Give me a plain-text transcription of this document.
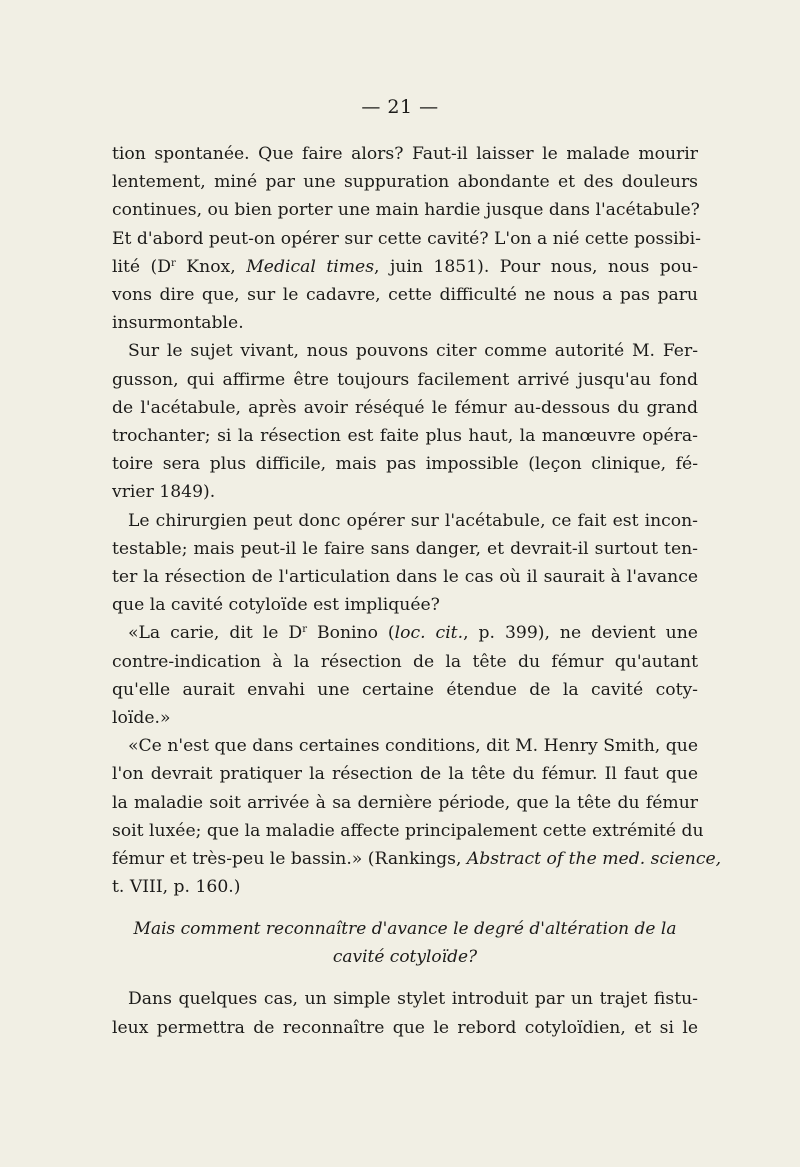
— 21 —

tion spontanée. Que faire alors? Faut-il laisser le malade mourir
lentement, miné par une suppuration abondante et des douleurs
continues, ou bien porter une main hardie jusque dans l'acétabule?
Et d'abord peut-on opérer sur cette cavité? L'on a nié cette possibi-
lité ($D^r$ Knox, Medical times, juin 1851). Pour nous, nous pou-
vons dire que, sur le cadavre, cette difficulté ne nous a pas paru
insurmontable.

Sur le sujet vivant, nous pouvons citer comme autorité M. Fer-
gusson, qui affirme être toujours facilement arrivé jusqu'au fond
de l'acétabule, après avoir réséqué le fémur au-dessous du grand
trochanter; si la résection est faite plus haut, la manœuvre opéra-
toire sera plus difficile, mais pas impossible (leçon clinique, fé-
vrier 1849).

Le chirurgien peut donc opérer sur l'acétabule, ce fait est incon-
testable; mais peut-il le faire sans danger, et devrait-il surtout ten-
ter la résection de l'articulation dans le cas où il saurait à l'avance
que la cavité cotyloïde est impliquée?

«La carie, dit le $D^r$ Bonino (loc. cit., p. 399), ne devient une
contre-indication à la résection de la tête du fémur qu'autant
qu'elle aurait envahi une certaine étendue de la cavité coty-
loïde.»

«Ce n'est que dans certaines conditions, dit M. Henry Smith, que
l'on devrait pratiquer la résection de la tête du fémur. Il faut que
la maladie soit arrivée à sa dernière période, que la tête du fémur
soit luxée; que la maladie affecte principalement cette extrémité du
fémur et très-peu le bassin.» (Rankings, Abstract of the med. science,
t. VIII, p. 160.)

Mais comment reconnaître d'avance le degré d'altération de la
cavité cotyloïde?

Dans quelques cas, un simple stylet introduit par un trajet fistu-
leux permettra de reconnaître que le rebord cotyloïdien, et si le
